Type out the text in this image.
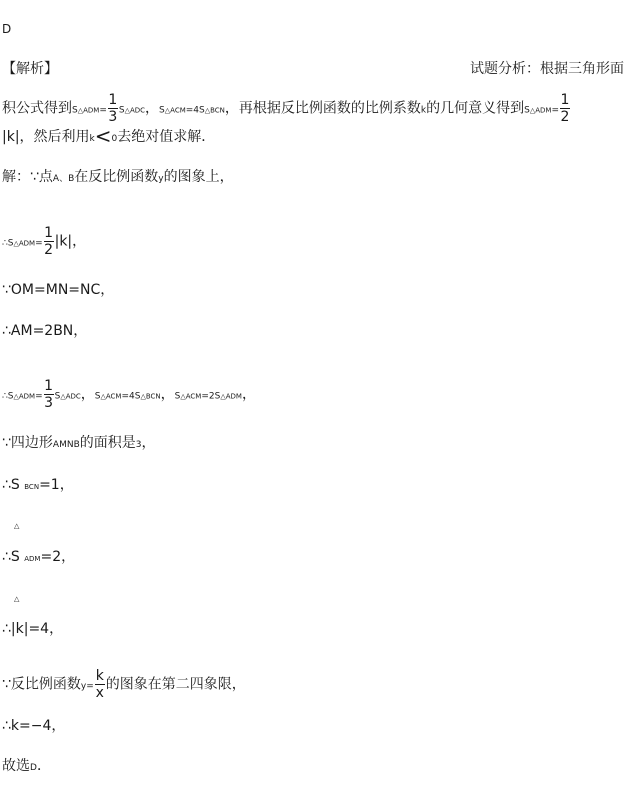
D
【解析】	试题分析：根据三角形面
积公式得到S△ADM= $\frac{1}{3}$ S△ADC，S△ACM=4S△BCN，再根据反比例函数的比例系数k的几何意义得到S△ADM= $\frac{1}{2}$
|k|，然后利用k<0去绝对值求解．
解：∵点A、B在反比例函数y的图象上，
∴S△ADM= $\frac{1}{2} |k|$，
∵OM=MN=NC，
∴AM=2BN，
∴S△ADM= $\frac{1}{3}$ S△ADC，S△ACM=4S△BCN，S△ACM=2S△ADM，
∵四边形AMNB的面积是3，
∴S BCN=1，
△
∴S ADM=2，
△
∴|k|=4，
∵反比例函数$y= \frac{k}{x}$ 的图象在第二四象限，
∴k=−4，
故选D．
